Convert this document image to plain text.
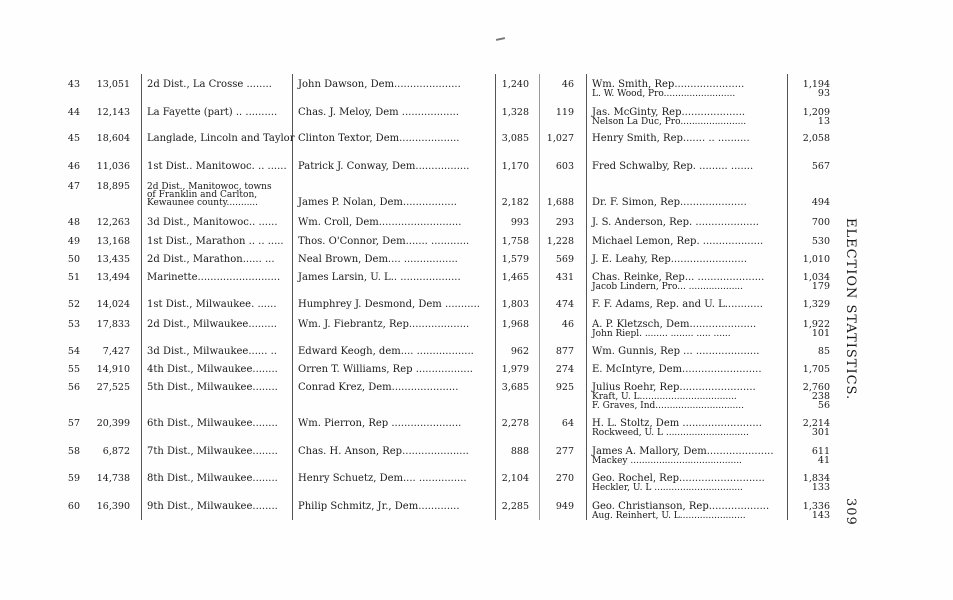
ELECTION STATISTICS.
309
43 13,051 2d Dist., La Crosse ........	John Dawson, Dem.....................	1,240	46 Wm. Smith, Rep......................	1,194
L. W. Wood, Pro.........................	93
44 12,143 La Fayette (part) .. .......... Chas. J. Meloy, Dem ..................	1,328	119 Jas. McGinty, Rep....................	1,209
Nelson La Duc, Pro.......................	13
45 18,604 Langlade, Lincoln and Taylor Clinton Textor, Dem...................	3,085	1,027 Henry Smith, Rep....... .. ..........	2,058
46 11,036 1st Dist.. Manitowoc. .. ...... Patrick J. Conway, Dem.................	1,170	603 Fred Schwalby, Rep. ......... .......	567
47 18,895 2d Dist., Manitowoc, towns
of Franklin and Carlton,
Kewaunee county...........	James P. Nolan, Dem.................	2,182	1,688 Dr. F. Simon, Rep.....................	494
48 12,263 3d Dist., Manitowoc.. ...... Wm. Croll, Dem..........................	993	293 J. S. Anderson, Rep. ....................	700
49 13,168 1st Dist., Marathon .. .. ..... Thos. O'Connor, Dem....... ............	1,758	1,228 Michael Lemon, Rep. ...................	530
50 13,435 2d Dist., Marathon...... ... Neal Brown, Dem.... .................	1,579	569 J. E. Leahy, Rep........................	1,010
51 13,494 Marinette.......................... James Larsin, U. L.. ...................	1,465	431 Chas. Reinke, Rep... .....................	1,034
Jacob Lindern, Pro... ...................	179
52 14,024 1st Dist., Milwaukee. ...... Humphrey J. Desmond, Dem ...........	1,803	474 F. F. Adams, Rep. and U. L............	1,329
53 17,833 2d Dist., Milwaukee......... Wm. J. Fiebrantz, Rep...................	1,968	46 A. P. Kletzsch, Dem.....................	1,922
John Riepl. ........ ........ ..... ......	101
54	7,427 3d Dist., Milwaukee...... .. Edward Keogh, dem.... ..................	962	877 Wm. Gunnis, Rep ... ....................	85
55 14,910 4th Dist., Milwaukee........ Orren T. Williams, Rep ..................	1,979	274 E. McIntyre, Dem.........................	1,705
56 27,525 5th Dist., Milwaukee........ Conrad Krez, Dem.....................	3,685	925 Julius Roehr, Rep........................	2,760
Kraft, U. L..................................	238
F. Graves, Ind...............................	56
57 20,399 6th Dist., Milwaukee........ Wm. Pierron, Rep ......................	2,278	64 H. L. Stoltz, Dem .........................	2,214
Rockweed, U. L .............................	301
58	6,872 7th Dist., Milwaukee........ Chas. H. Anson, Rep.....................	888	277 James A. Mallory, Dem.....................	611
Mackey .......................................	41
59 14,738 8th Dist., Milwaukee........ Henry Schuetz, Dem.... ...............	2,104	270 Geo. Rochel, Rep...........................	1,834
Heckler, U. L ...............................	133
60 16,390 9th Dist., Milwaukee........ Philip Schmitz, Jr., Dem.............	2,285	949 Geo. Christianson, Rep...................	1,336
Aug. Reinhert, U. L.......................	143
